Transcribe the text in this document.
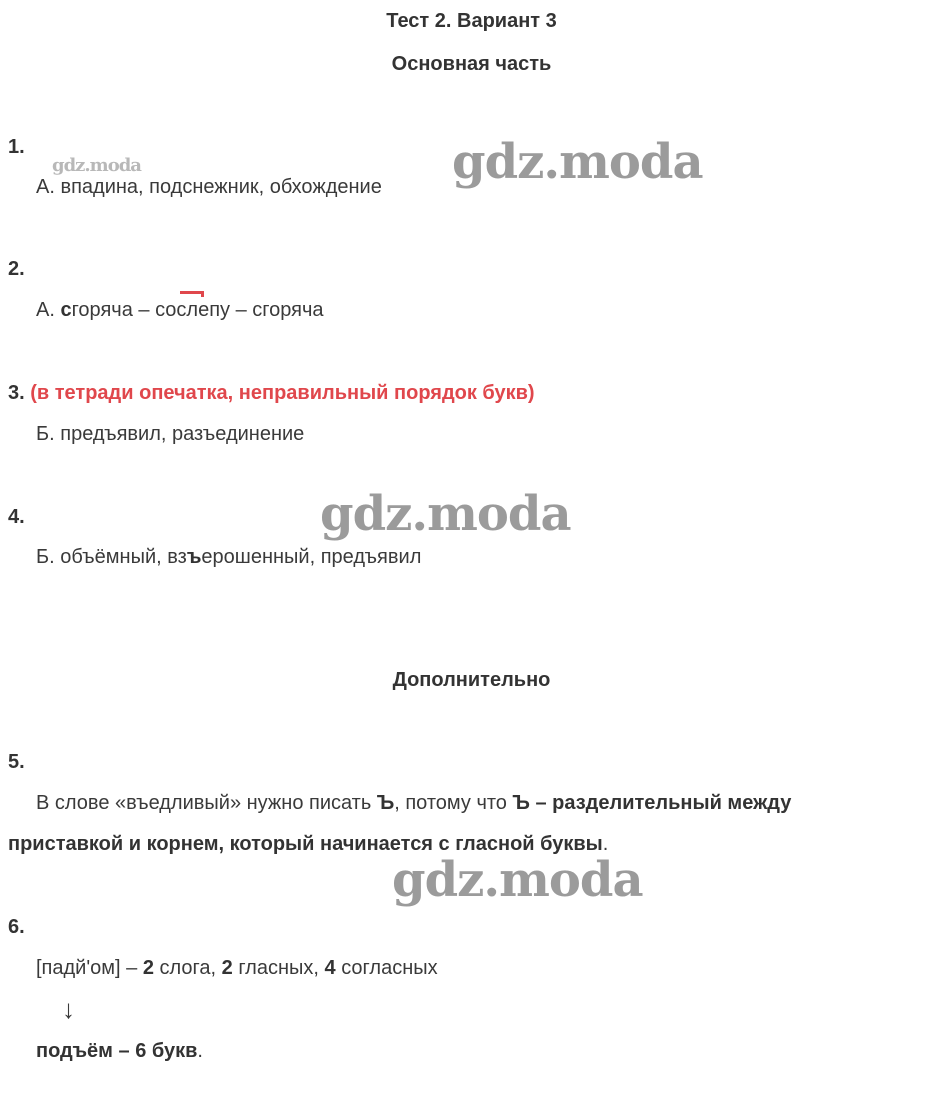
Тест 2. Вариант 3
Основная часть
1.
gdz.moda
А. впадина, подснежник, обхождение gdz.moda
2.
А. сгоряча – сослепу – сгоряча
3. (в тетради опечатка, неправильный порядок букв)
Б. предъявил, разъединение
gdz.moda
4.
Б. объёмный, взъерошенный, предъявил
Дополнительно
5.
В слове «въедливый» нужно писать Ъ, потому что Ъ – разделительный между
приставкой и корнем, который начинается с гласной буквы.
gdz.moda
6.
[падй'ом] – 2 слога, 2 гласных, 4 согласных
↓
подъём – 6 букв.
